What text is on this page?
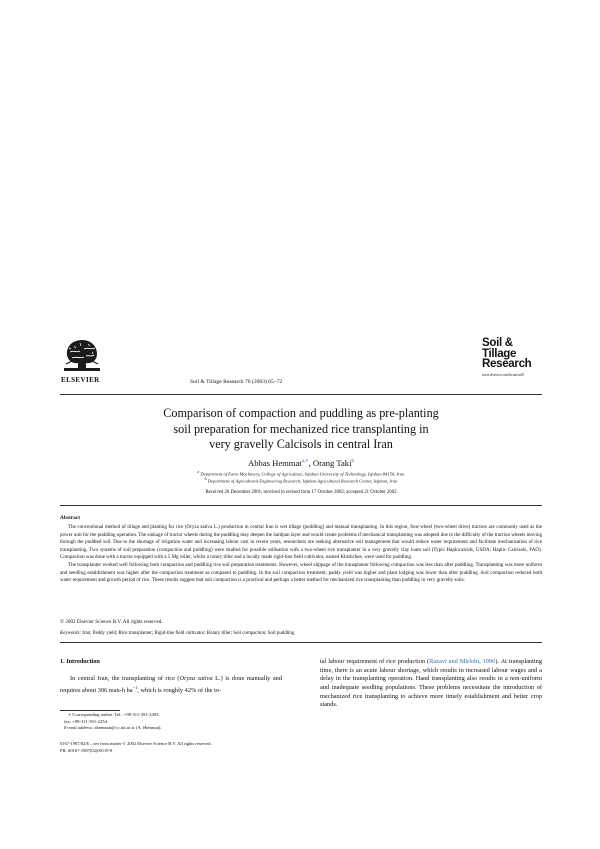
ELSEVIER	Soil & Tillage Research 70 (2003) 65–72
Soil &
Tillage
Research
www.elsevier.com/locate/still
Comparison of compaction and puddling as pre-planting
soil preparation for mechanized rice transplanting in
very gravelly Calcisols in central Iran
Abbas Hemmat$^{a,∗}$, Orang Taki$^b$
$^a$ Department of Farm Machinery, College of Agriculture, Isfahan University of Technology, Isfahan 84156, Iran
$^b$ Department of Agricultural Engineering Research, Isfahan Agricultural Research Center, Isfahan, Iran
Received 20 December 2001; received in revised form 17 October 2002; accepted 21 October 2002
Abstract

The conventional method of tillage and planting for rice (Oryza sativa L.) production in central Iran is wet tillage (puddling) and manual transplanting. In this region, four-wheel (two-wheel drive) tractors are commonly used as the power unit for the puddling operation. The sinkage of tractor wheels during the puddling may deepen the hardpan layer and would create problems if mechanical transplanting was adopted due to the difficulty of the traction wheels moving through the puddled soil. Due to the shortage of irrigation water and increasing labour cost in recent years, researchers are seeking alternative soil management that would reduce water requirement and facilitate mechanisation of rice transplanting. Two systems of soil preparation (compaction and puddling) were studied for possible utilisation with a two-wheel rice transplanter in a very gravelly clay loam soil (Typic Haplocalcids, USDA; Haplic Calcisols, FAO). Compaction was done with a tractor equipped with a 5 Mg roller, whilst a rotary tiller and a locally made rigid-tine field cultivator, named Khishchee, were used for puddling.

The transplanter worked well following both compaction and puddling rice soil preparation treatments. However, wheel slippage of the transplanter following compaction was less than after puddling. Transplanting was more uniform and seedling establishment was higher after the compaction treatment as compared to puddling. In the soil compaction treatment, paddy yield was higher and plant lodging was lower than after puddling. Soil compaction reduced both water requirement and growth period of rice. These results suggest that soil compaction is a practical and perhaps a better method for mechanized rice transplanting than puddling in very gravelly soils.

© 2002 Elsevier Science B.V. All rights reserved.
Keywords: Iran; Paddy yield; Rice transplanter; Rigid-tine field cultivator; Rotary tiller; Soil compaction; Soil puddling
1. Introduction

In central Iran, the transplanting of rice (Oryza sativa L.) is done manually and requires about 306 man-h $ha^{-1}$, which is roughly 42% of the to-

tal labour requirement of rice production (Razavi and Mirlohi, 1996). At transplanting time, there is an acute labour shortage, which results in increased labour wages and a delay in the transplanting operation. Hand transplanting also results in a non-uniform and inadequate seedling populations. These problems necessitate the introduction of mechanized rice transplanting to achieve more timely establishment and better crop stands.

∗ Corresponding author. Tel.: +98-311-391-3493;
fax: +98-311-391-2254.
E-mail address: ahemmat@cc.iut.ac.ir (A. Hemmat).
0167-1987/02/$ – see front matter © 2002 Elsevier Science B.V. All rights reserved.
PII: S0167-1987(02)00119-8
